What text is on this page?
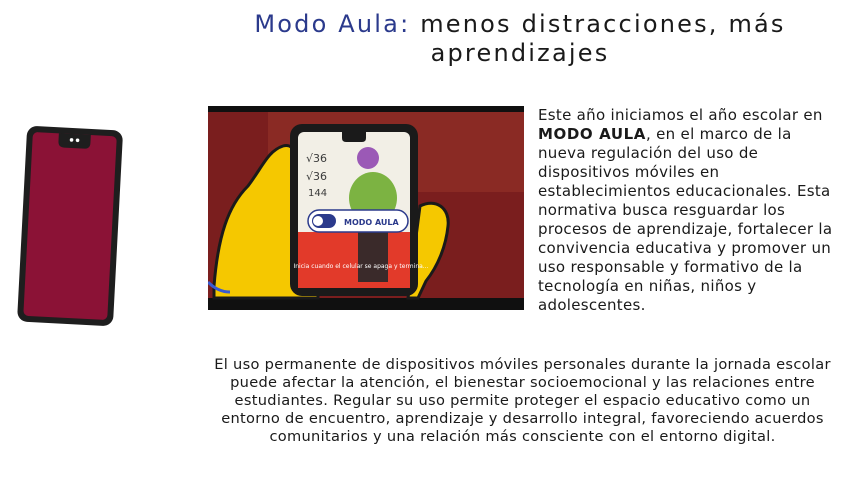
Modo Aula: menos distracciones, más aprendizajes
√36
√36
144
MODO AULA
Inicia cuando el celular se apaga y termina...

Este año iniciamos el año escolar en MODO AULA, en el marco de la nueva regulación del uso de dispositivos móviles en establecimientos educacionales. Esta normativa busca resguardar los procesos de aprendizaje, fortalecer la convivencia educativa y promover un uso responsable y formativo de la tecnología en niñas, niños y adolescentes.

El uso permanente de dispositivos móviles personales durante la jornada escolar puede afectar la atención, el bienestar socioemocional y las relaciones entre estudiantes. Regular su uso permite proteger el espacio educativo como un entorno de encuentro, aprendizaje y desarrollo integral, favoreciendo acuerdos comunitarios y una relación más consciente con el entorno digital.
